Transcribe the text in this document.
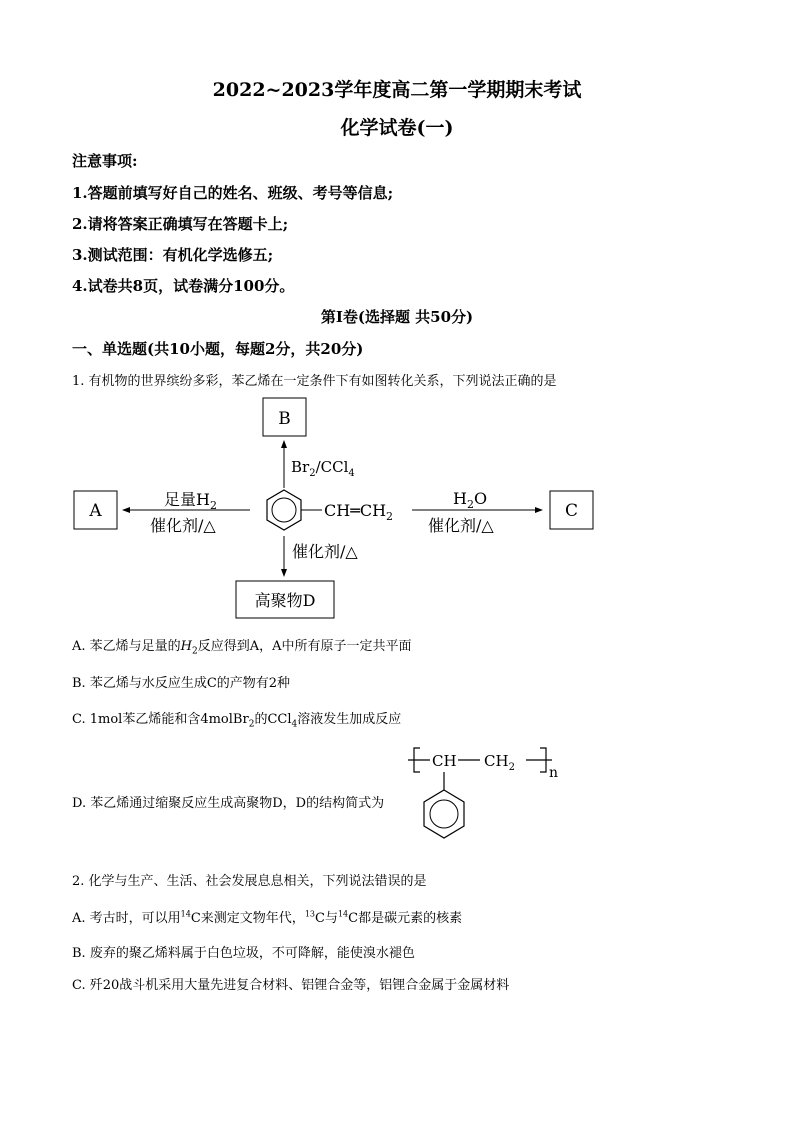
2022~2023学年度高二第一学期期末考试
化学试卷(一)
注意事项:
1.答题前填写好自己的姓名、班级、考号等信息;
2.请将答案正确填写在答题卡上;
3.测试范围：有机化学选修五;
4.试卷共8页，试卷满分100分。
第I卷(选择题 共50分)
一、单选题(共10小题，每题2分，共20分)
1. 有机物的世界缤纷多彩，苯乙烯在一定条件下有如图转化关系，下列说法正确的是
B
$Br_2/CCl_4$
A
足量$H_2$
催化剂/△
$CH═CH_2$
$H_2O$
催化剂/△
C
催化剂/△
高聚物D
A. 苯乙烯与足量的$H_2$反应得到A，A中所有原子一定共平面
B. 苯乙烯与水反应生成C的产物有2种
C. 1mol苯乙烯能和含4molBr$_2$的CCl$_4$溶液发生加成反应
D. 苯乙烯通过缩聚反应生成高聚物D，D的结构简式为
CH $CH_2$ n
2. 化学与生产、生活、社会发展息息相关，下列说法错误的是
A. 考古时，可以用$^{14}$C来测定文物年代，$^{13}$C与$^{14}$C都是碳元素的核素
B. 废弃的聚乙烯料属于白色垃圾，不可降解，能使溴水褪色
C. 歼20战斗机采用大量先进复合材料、铝锂合金等，铝锂合金属于金属材料
